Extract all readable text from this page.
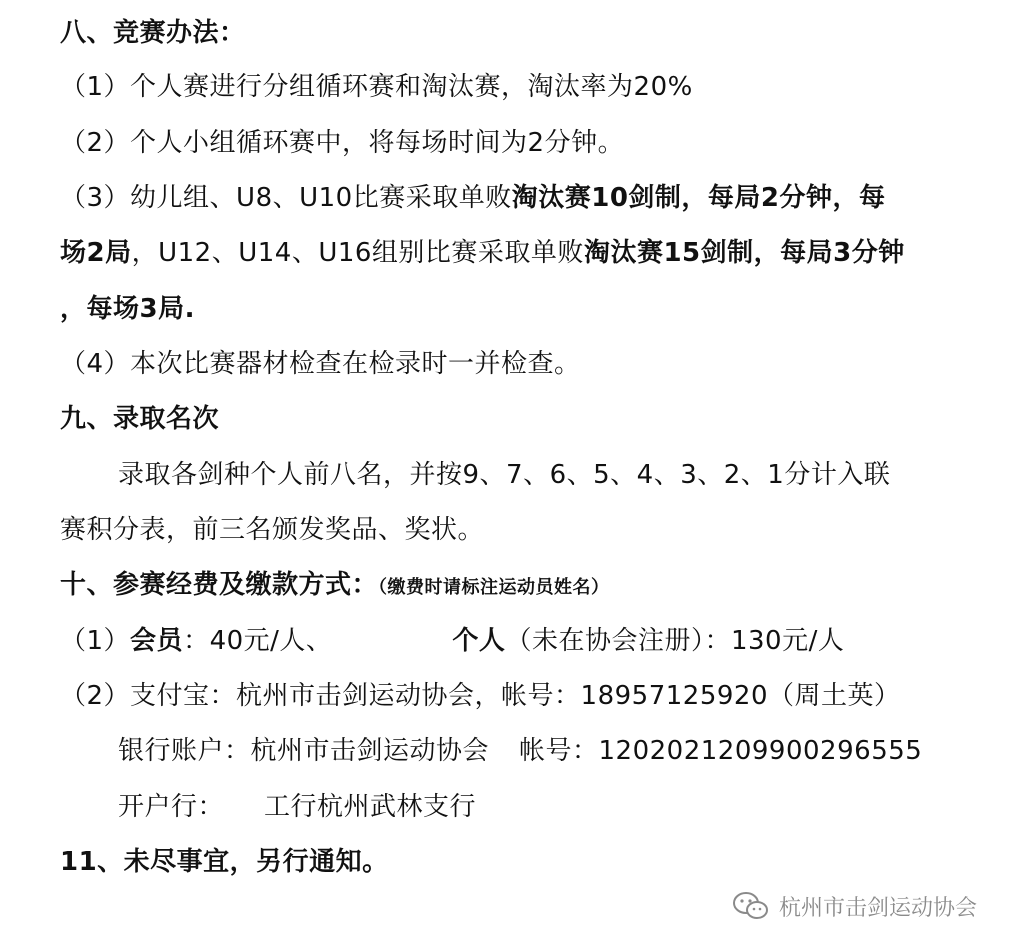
八、竞赛办法：
（1）个人赛进行分组循环赛和淘汰赛，淘汰率为20%
（2）个人小组循环赛中，将每场时间为2分钟。
（3）幼儿组、U8、U10比赛采取单败淘汰赛10剑制，每局2分钟，每
场2局，U12、U14、U16组别比赛采取单败淘汰赛15剑制，每局3分钟
，每场3局.
（4）本次比赛器材检查在检录时一并检查。
九、录取名次
录取各剑种个人前八名，并按9、7、6、5、4、3、2、1分计入联
赛积分表，前三名颁发奖品、奖状。
十、参赛经费及缴款方式：（缴费时请标注运动员姓名）
（1）会员：40元/人、	个人（未在协会注册）：130元/人
（2）支付宝：杭州市击剑运动协会，帐号：18957125920（周土英）
银行账户：杭州市击剑运动协会 帐号：1202021209900296555
开户行： 工行杭州武林支行
11、未尽事宜，另行通知。
杭州市击剑运动协会
